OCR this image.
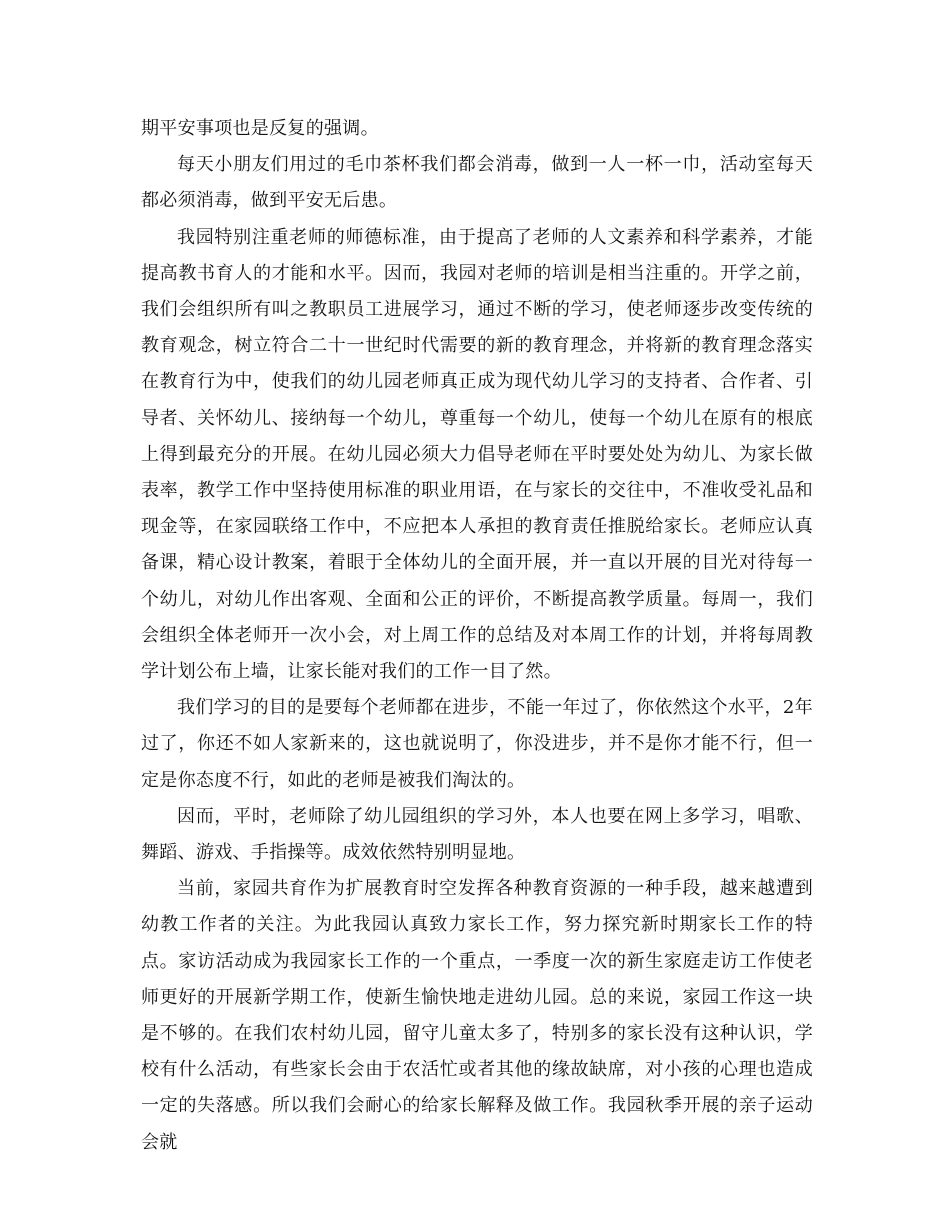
期平安事项也是反复的强调。

每天小朋友们用过的毛巾茶杯我们都会消毒，做到一人一杯一巾，活动室每天都必须消毒，做到平安无后患。

我园特别注重老师的师德标准，由于提高了老师的人文素养和科学素养，才能提高教书育人的才能和水平。因而，我园对老师的培训是相当注重的。开学之前，我们会组织所有叫之教职员工进展学习，通过不断的学习，使老师逐步改变传统的教育观念，树立符合二十一世纪时代需要的新的教育理念，并将新的教育理念落实在教育行为中，使我们的幼儿园老师真正成为现代幼儿学习的支持者、合作者、引导者、关怀幼儿、接纳每一个幼儿，尊重每一个幼儿，使每一个幼儿在原有的根底上得到最充分的开展。在幼儿园必须大力倡导老师在平时要处处为幼儿、为家长做表率，教学工作中坚持使用标准的职业用语，在与家长的交往中，不准收受礼品和现金等，在家园联络工作中，不应把本人承担的教育责任推脱给家长。老师应认真备课，精心设计教案，着眼于全体幼儿的全面开展，并一直以开展的目光对待每一个幼儿，对幼儿作出客观、全面和公正的评价，不断提高教学质量。每周一，我们会组织全体老师开一次小会，对上周工作的总结及对本周工作的计划，并将每周教学计划公布上墙，让家长能对我们的工作一目了然。

我们学习的目的是要每个老师都在进步，不能一年过了，你依然这个水平，2年过了，你还不如人家新来的，这也就说明了，你没进步，并不是你才能不行，但一定是你态度不行，如此的老师是被我们淘汰的。

因而，平时，老师除了幼儿园组织的学习外，本人也要在网上多学习，唱歌、舞蹈、游戏、手指操等。成效依然特别明显地。

当前，家园共育作为扩展教育时空发挥各种教育资源的一种手段，越来越遭到幼教工作者的关注。为此我园认真致力家长工作，努力探究新时期家长工作的特点。家访活动成为我园家长工作的一个重点，一季度一次的新生家庭走访工作使老师更好的开展新学期工作，使新生愉快地走进幼儿园。总的来说，家园工作这一块是不够的。在我们农村幼儿园，留守儿童太多了，特别多的家长没有这种认识，学校有什么活动，有些家长会由于农活忙或者其他的缘故缺席，对小孩的心理也造成一定的失落感。所以我们会耐心的给家长解释及做工作。我园秋季开展的亲子运动会就
